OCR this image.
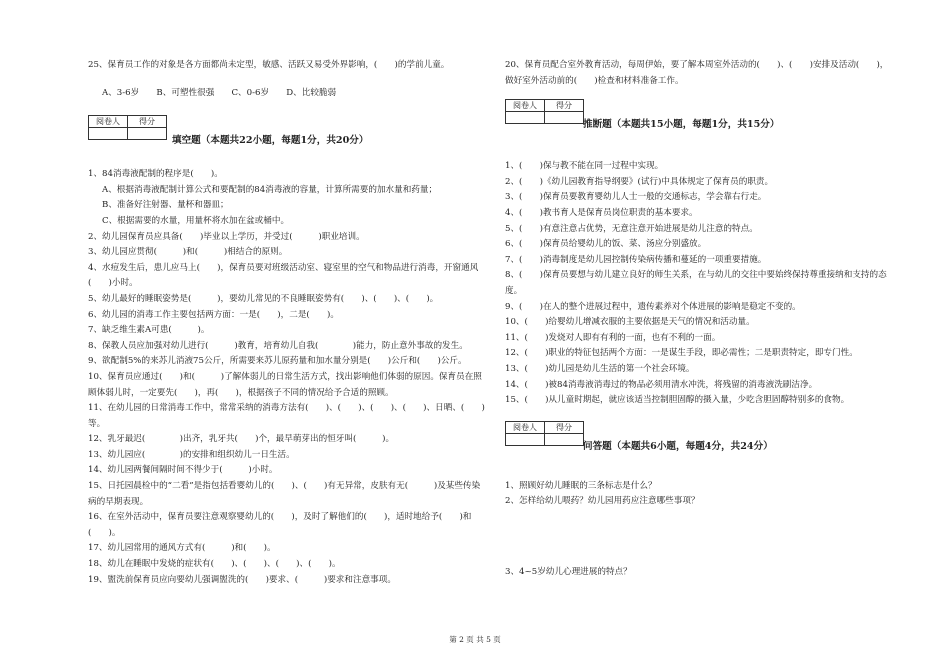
25、保育员工作的对象是各方面都尚未定型，敏感、活跃又易受外界影响，(　　)的学前儿童。

A、3-6岁　　B、可塑性很强　　C、0-6岁　　D、比较脆弱

阅卷人	得分

填空题（本题共22小题，每题1分，共20分）

1、84消毒液配制的程序是(　　)。

A、根据消毒液配制计算公式和要配制的84消毒液的容量，计算所需要的加水量和药量；

B、准备好注射器、量杯和器皿；

C、根据需要的水量，用量杯将水加在盆或桶中。

2、幼儿园保育员应具备(　　)毕业以上学历，并受过(　　　)职业培训。

3、幼儿园应贯彻(　　　)和(　　　)相结合的原则。

4、水痘发生后，患儿应马上(　　)，保育员要对班级活动室、寝室里的空气和物品进行消毒，开窗通风(　　)小时。

5、幼儿最好的睡眠姿势是(　　　)，要幼儿常见的不良睡眠姿势有(　　)、(　　)、(　　)。

6、幼儿园的消毒工作主要包括两方面：一是(　　)，二是(　　)。

7、缺乏维生素A可患(　　　)。

8、保教人员应加强对幼儿进行(　　　)教育，培育幼儿自我(　　　　)能力，防止意外事故的发生。

9、欲配制5%的来苏儿消液75公斤，所需要来苏儿原药量和加水量分别是(　　)公斤和(　　)公斤。

10、保育员应通过(　　)和(　　　)了解体弱儿的日常生活方式，找出影响他们体弱的原因。保育员在照顾体弱儿时，一定要先(　　)，再(　　)，根据孩子不同的情况给予合适的照顾。

11、在幼儿园的日常消毒工作中，常常采纳的消毒方法有(　　)、(　　)、(　　)、(　　)、日晒、(　　)等。

12、乳牙最迟(　　　　)出齐，乳牙共(　　)个，最早萌芽出的恒牙叫(　　　)。

13、幼儿园应(　　　　)的安排和组织幼儿一日生活。

14、幼儿园两餐间隔时间不得少于(　　　)小时。

15、日托园晨检中的“二看”是指包括看婴幼儿的(　　)、(　　)有无异常，皮肤有无(　　　)及某些传染病的早期表现。

16、在室外活动中，保育员要注意观察婴幼儿的(　　)，及时了解他们的(　　)，适时地给予(　　)和(　　)。

17、幼儿园常用的通风方式有(　　　)和(　　)。

18、幼儿在睡眠中发烧的症状有(　　)、(　　)、(　　)、(　　)。

19、盥洗前保育员应向要幼儿强调盥洗的(　　)要求、(　　　)要求和注意事项。

20、保育员配合室外教育活动，每周伊始，要了解本周室外活动的(　　)、(　　)安排及活动(　　)，做好室外活动前的(　　)检查和材料准备工作。

阅卷人	得分

推断题（本题共15小题，每题1分，共15分）

1、(　　)保与教不能在同一过程中实现。

2、(　　)《幼儿园教育指导纲要》(试行)中具体规定了保育员的职责。

3、(　　)保育员要教育婴幼儿人士一般的交通标志，学会靠右行走。

4、(　　)教书育人是保育员岗位职责的基本要求。

5、(　　)有意注意占优势，无意注意开始进展是幼儿注意的特点。

6、(　　)保育员给婴幼儿的饭、菜、汤应分别盛放。

7、(　　)消毒制度是幼儿园控制传染病传播和蔓延的一项重要措施。

8、(　　)保育员要想与幼儿建立良好的师生关系，在与幼儿的交往中要始终保持尊重接纳和支持的态度。

9、(　　)在人的整个进展过程中，遗传素养对个体进展的影响是稳定不变的。

10、(　　)给婴幼儿增减衣服的主要依据是天气的情况和活动量。

11、(　　)发烧对人即有有利的一面，也有不利的一面。

12、(　　)职业的特征包括两个方面：一是谋生手段，即必需性；二是职责特定，即专门性。

13、(　　)幼儿园是幼儿生活的第一个社会环境。

14、(　　)被84消毒液消毒过的物品必须用清水冲洗，将残留的消毒液洗刷洁净。

15、(　　)从儿童时期起，就应该适当控制胆固醇的摄入量，少吃含胆固醇特别多的食物。

阅卷人	得分

问答题（本题共6小题，每题4分，共24分）

1、照顾好幼儿睡眠的三条标志是什么？

2、怎样给幼儿喂药？幼儿园用药应注意哪些事项？

3、4~5岁幼儿心理进展的特点？

第 2 页 共 5 页
